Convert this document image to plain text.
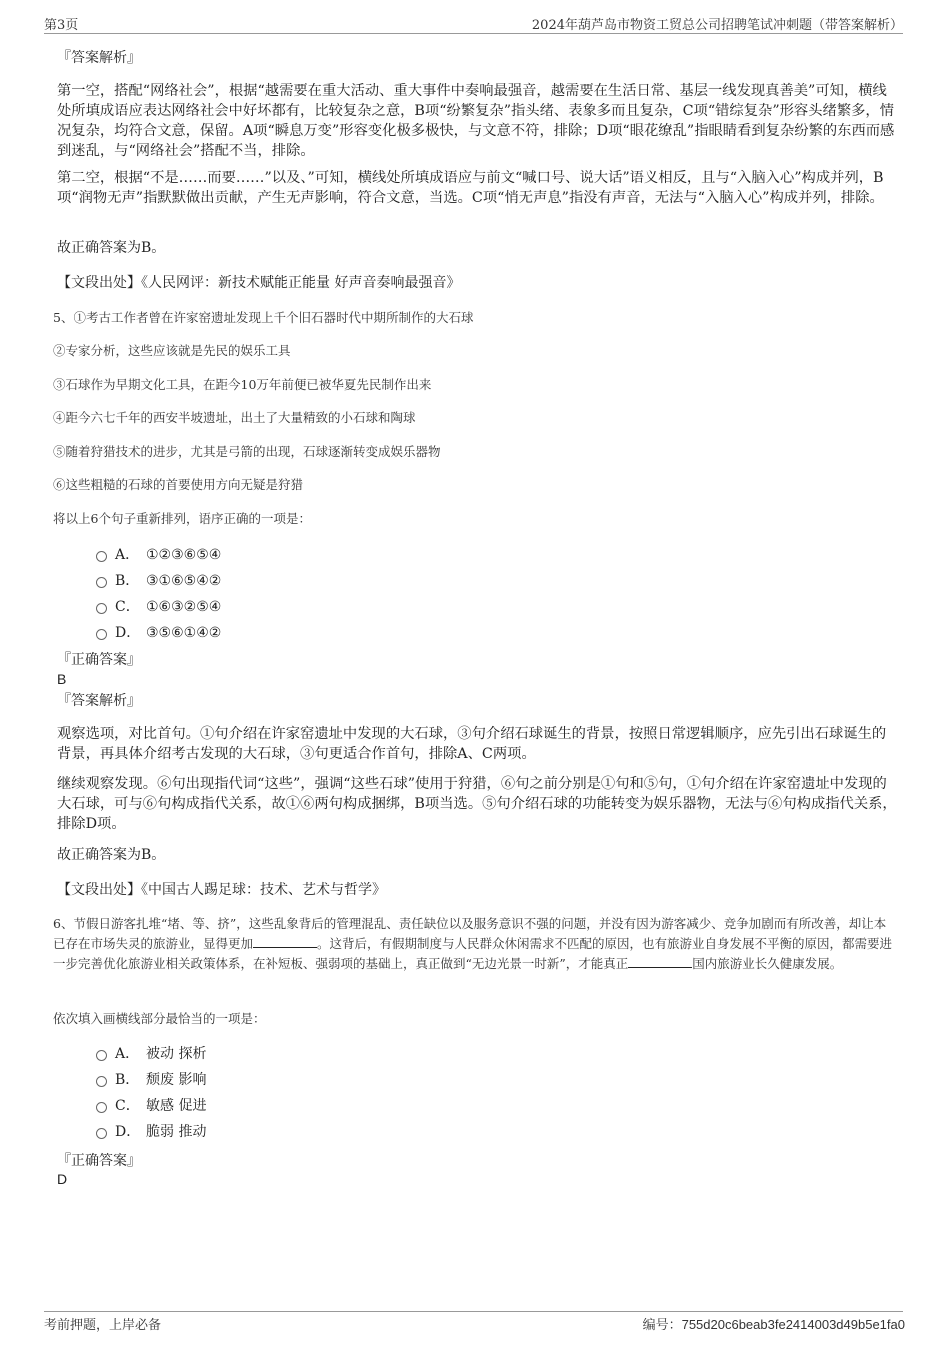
第3页	2024年葫芦岛市物资工贸总公司招聘笔试冲刺题（带答案解析）
『答案解析』

第一空，搭配“网络社会”，根据“越需要在重大活动、重大事件中奏响最强音，越需要在生活日常、基层一线发现真善美”可知，横线处所填成语应表达网络社会中好坏都有，比较复杂之意，B项“纷繁复杂”指头绪、表象多而且复杂，C项“错综复杂”形容头绪繁多，情况复杂，均符合文意，保留。A项“瞬息万变”形容变化极多极快，与文意不符，排除；D项“眼花缭乱”指眼睛看到复杂纷繁的东西而感到迷乱，与“网络社会”搭配不当，排除。

第二空，根据“不是……而要……”以及、”可知，横线处所填成语应与前文“喊口号、说大话”语义相反，且与“入脑入心”构成并列，B项“润物无声”指默默做出贡献，产生无声影响，符合文意，当选。C项“悄无声息”指没有声音，无法与“入脑入心”构成并列，排除。

故正确答案为B。
【文段出处】《人民网评：新技术赋能正能量 好声音奏响最强音》
5、①考古工作者曾在许家窑遗址发现上千个旧石器时代中期所制作的大石球
②专家分析，这些应该就是先民的娱乐工具
③石球作为早期文化工具，在距今10万年前便已被华夏先民制作出来
④距今六七千年的西安半坡遗址，出土了大量精致的小石球和陶球
⑤随着狩猎技术的进步，尤其是弓箭的出现，石球逐渐转变成娱乐器物
⑥这些粗糙的石球的首要使用方向无疑是狩猎
将以上6个句子重新排列，语序正确的一项是：
A． ①②③⑥⑤④
B． ③①⑥⑤④②
C． ①⑥③②⑤④
D． ③⑤⑥①④②
『正确答案』
B
『答案解析』

观察选项，对比首句。①句介绍在许家窑遗址中发现的大石球，③句介绍石球诞生的背景，按照日常逻辑顺序，应先引出石球诞生的背景，再具体介绍考古发现的大石球，③句更适合作首句，排除A、C两项。

继续观察发现。⑥句出现指代词“这些”，强调“这些石球”使用于狩猎，⑥句之前分别是①句和⑤句，①句介绍在许家窑遗址中发现的大石球，可与⑥句构成指代关系，故①⑥两句构成捆绑，B项当选。⑤句介绍石球的功能转变为娱乐器物，无法与⑥句构成指代关系，排除D项。

故正确答案为B。
【文段出处】《中国古人踢足球：技术、艺术与哲学》

6、节假日游客扎堆“堵、等、挤”，这些乱象背后的管理混乱、责任缺位以及服务意识不强的问题，并没有因为游客减少、竞争加剧而有所改善，却让本已存在市场失灵的旅游业，显得更加	。这背后，有假期制度与人民群众休闲需求不匹配的原因，也有旅游业自身发展不平衡的原因，都需要进一步完善优化旅游业相关政策体系，在补短板、强弱项的基础上，真正做到“无边光景一时新”，才能真正	国内旅游业长久健康发展。

依次填入画横线部分最恰当的一项是：
A． 被动 探析
B． 颓废 影响
C． 敏感 促进
D． 脆弱 推动
『正确答案』
D
考前押题，上岸必备	编号：755d20c6beab3fe2414003d49b5e1fa0
